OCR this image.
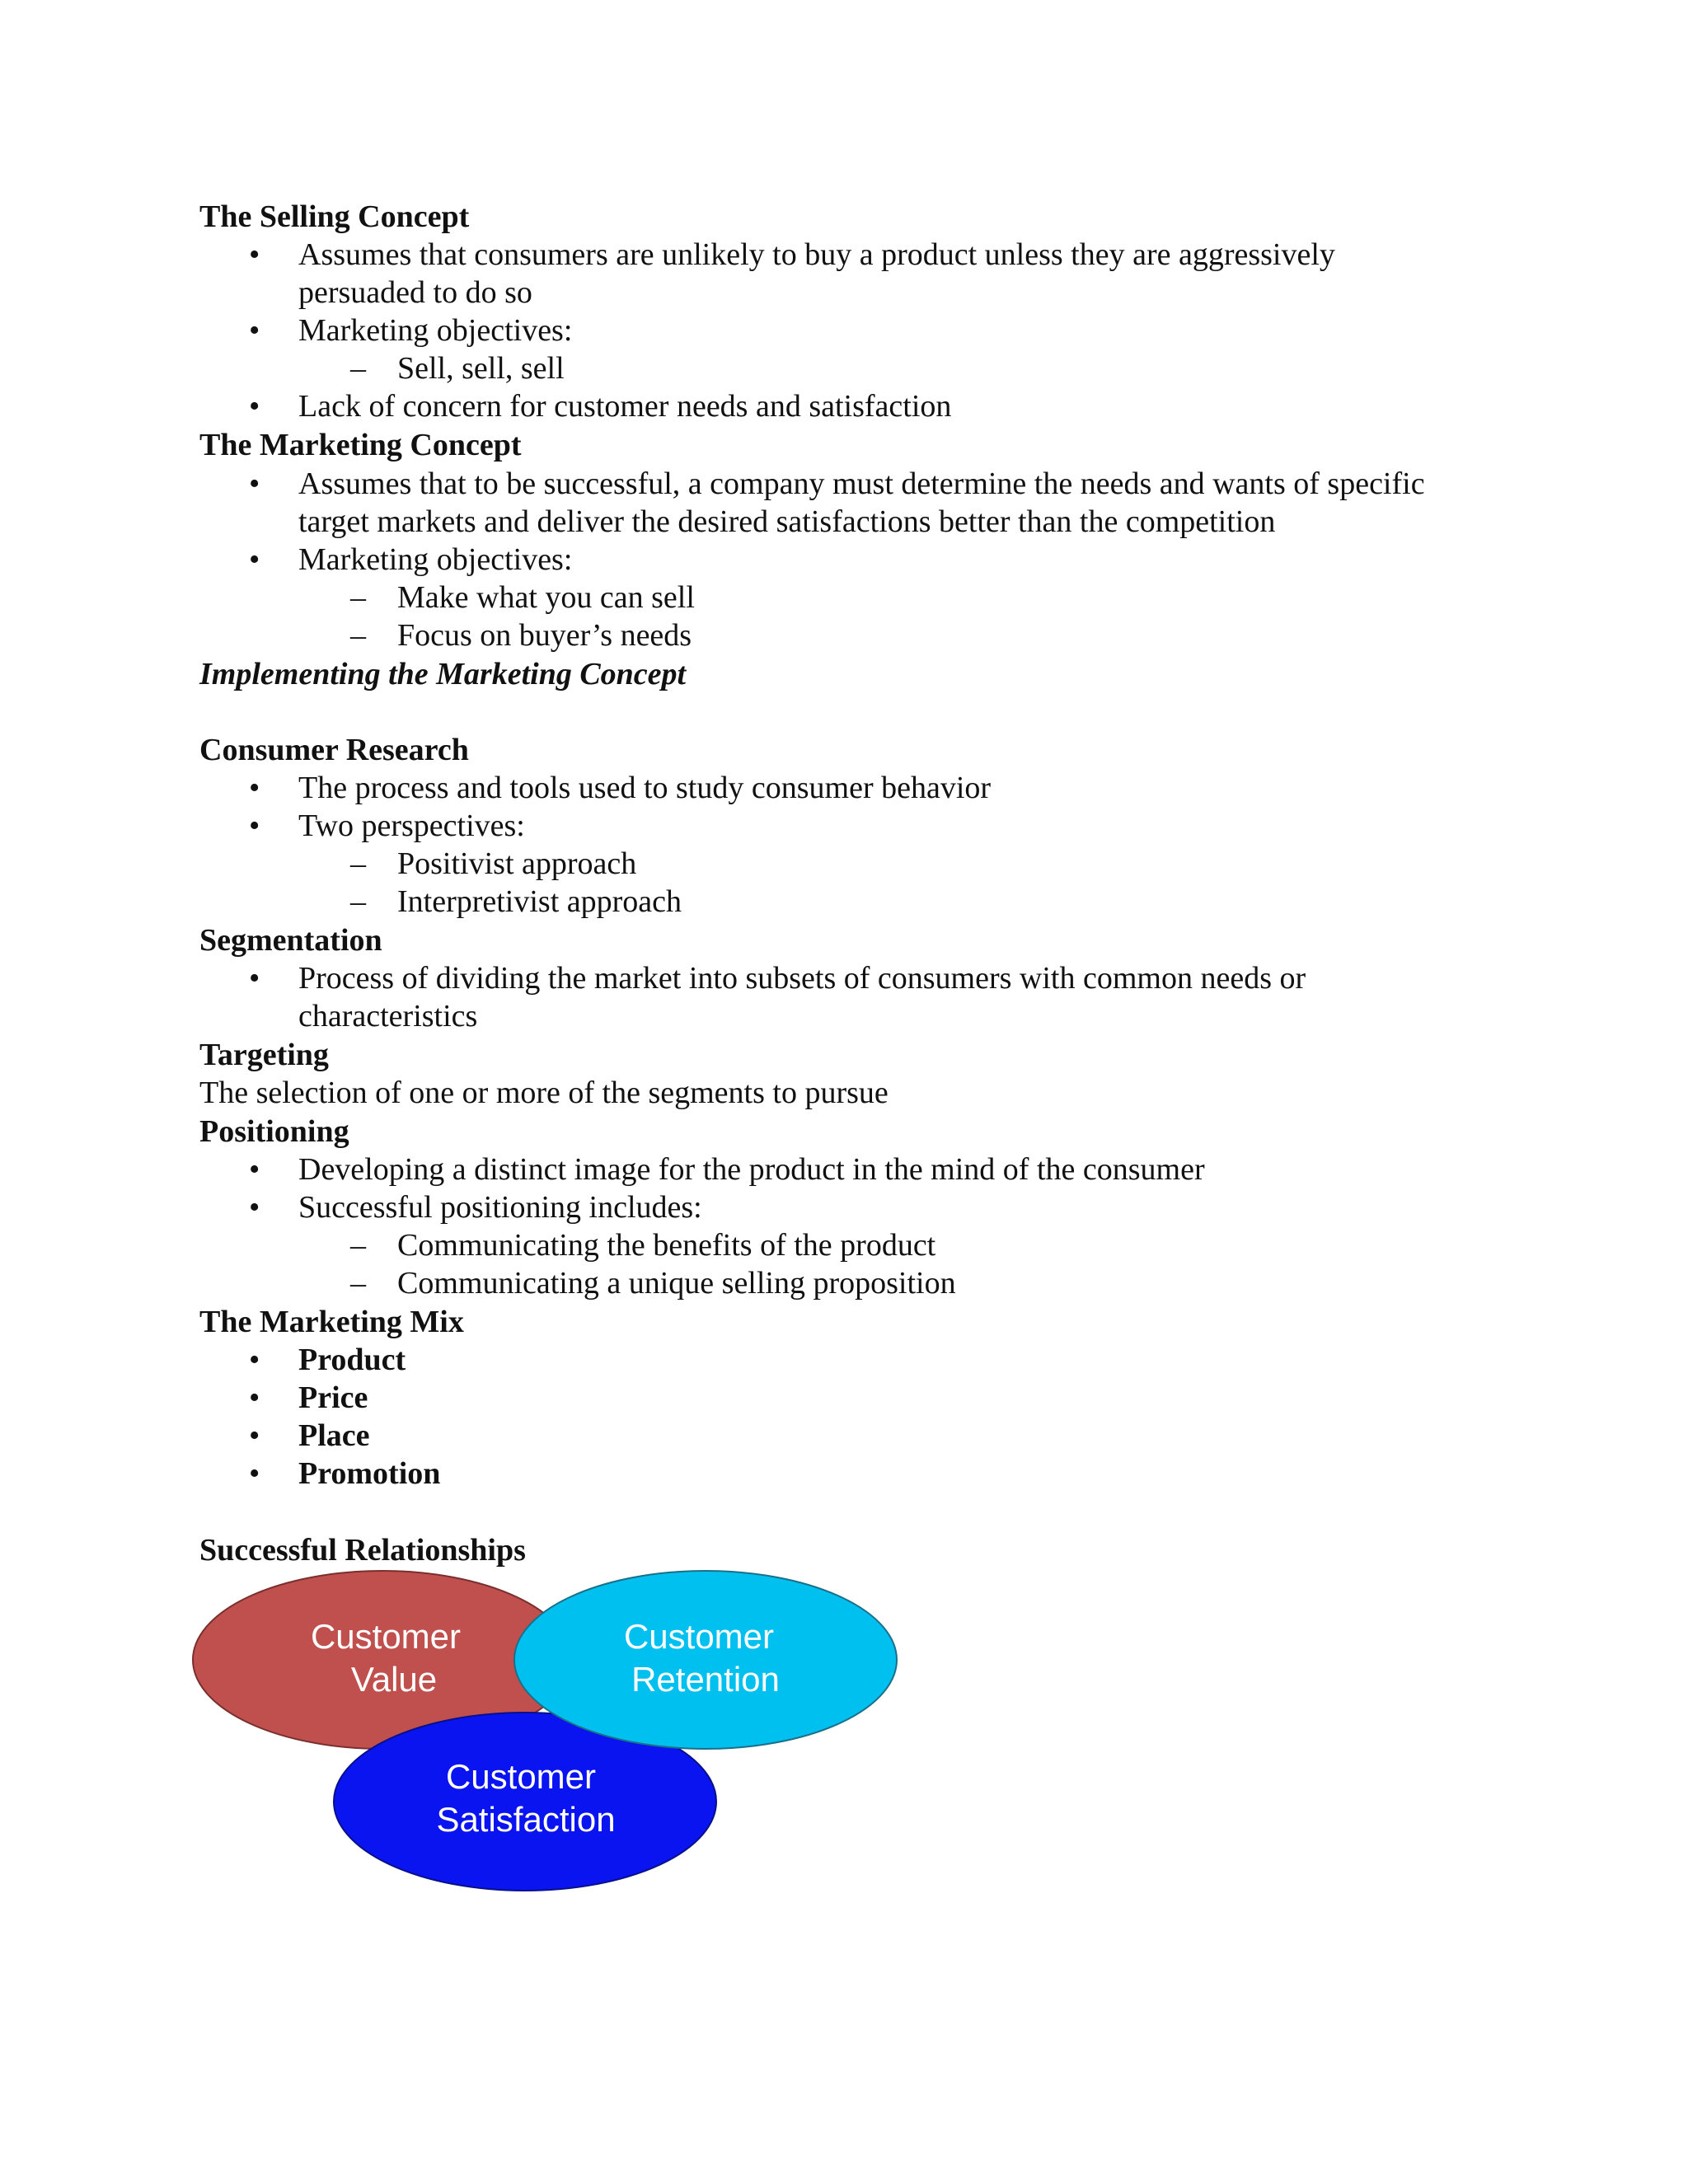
The Selling Concept
• Assumes that consumers are unlikely to buy a product unless they are aggressively
persuaded to do so
• Marketing objectives:
– Sell, sell, sell
• Lack of concern for customer needs and satisfaction
The Marketing Concept
• Assumes that to be successful, a company must determine the needs and wants of specific
target markets and deliver the desired satisfactions better than the competition
• Marketing objectives:
– Make what you can sell
– Focus on buyer’s needs
Implementing the Marketing Concept
Consumer Research
• The process and tools used to study consumer behavior
• Two perspectives:
– Positivist approach
– Interpretivist approach
Segmentation
• Process of dividing the market into subsets of consumers with common needs or
characteristics
Targeting
The selection of one or more of the segments to pursue
Positioning
• Developing a distinct image for the product in the mind of the consumer
• Successful positioning includes:
– Communicating the benefits of the product
– Communicating a unique selling proposition
The Marketing Mix
• Product
• Price
• Place
• Promotion
Successful Relationships
Customer
Value
Customer
Retention
Customer
Satisfaction
